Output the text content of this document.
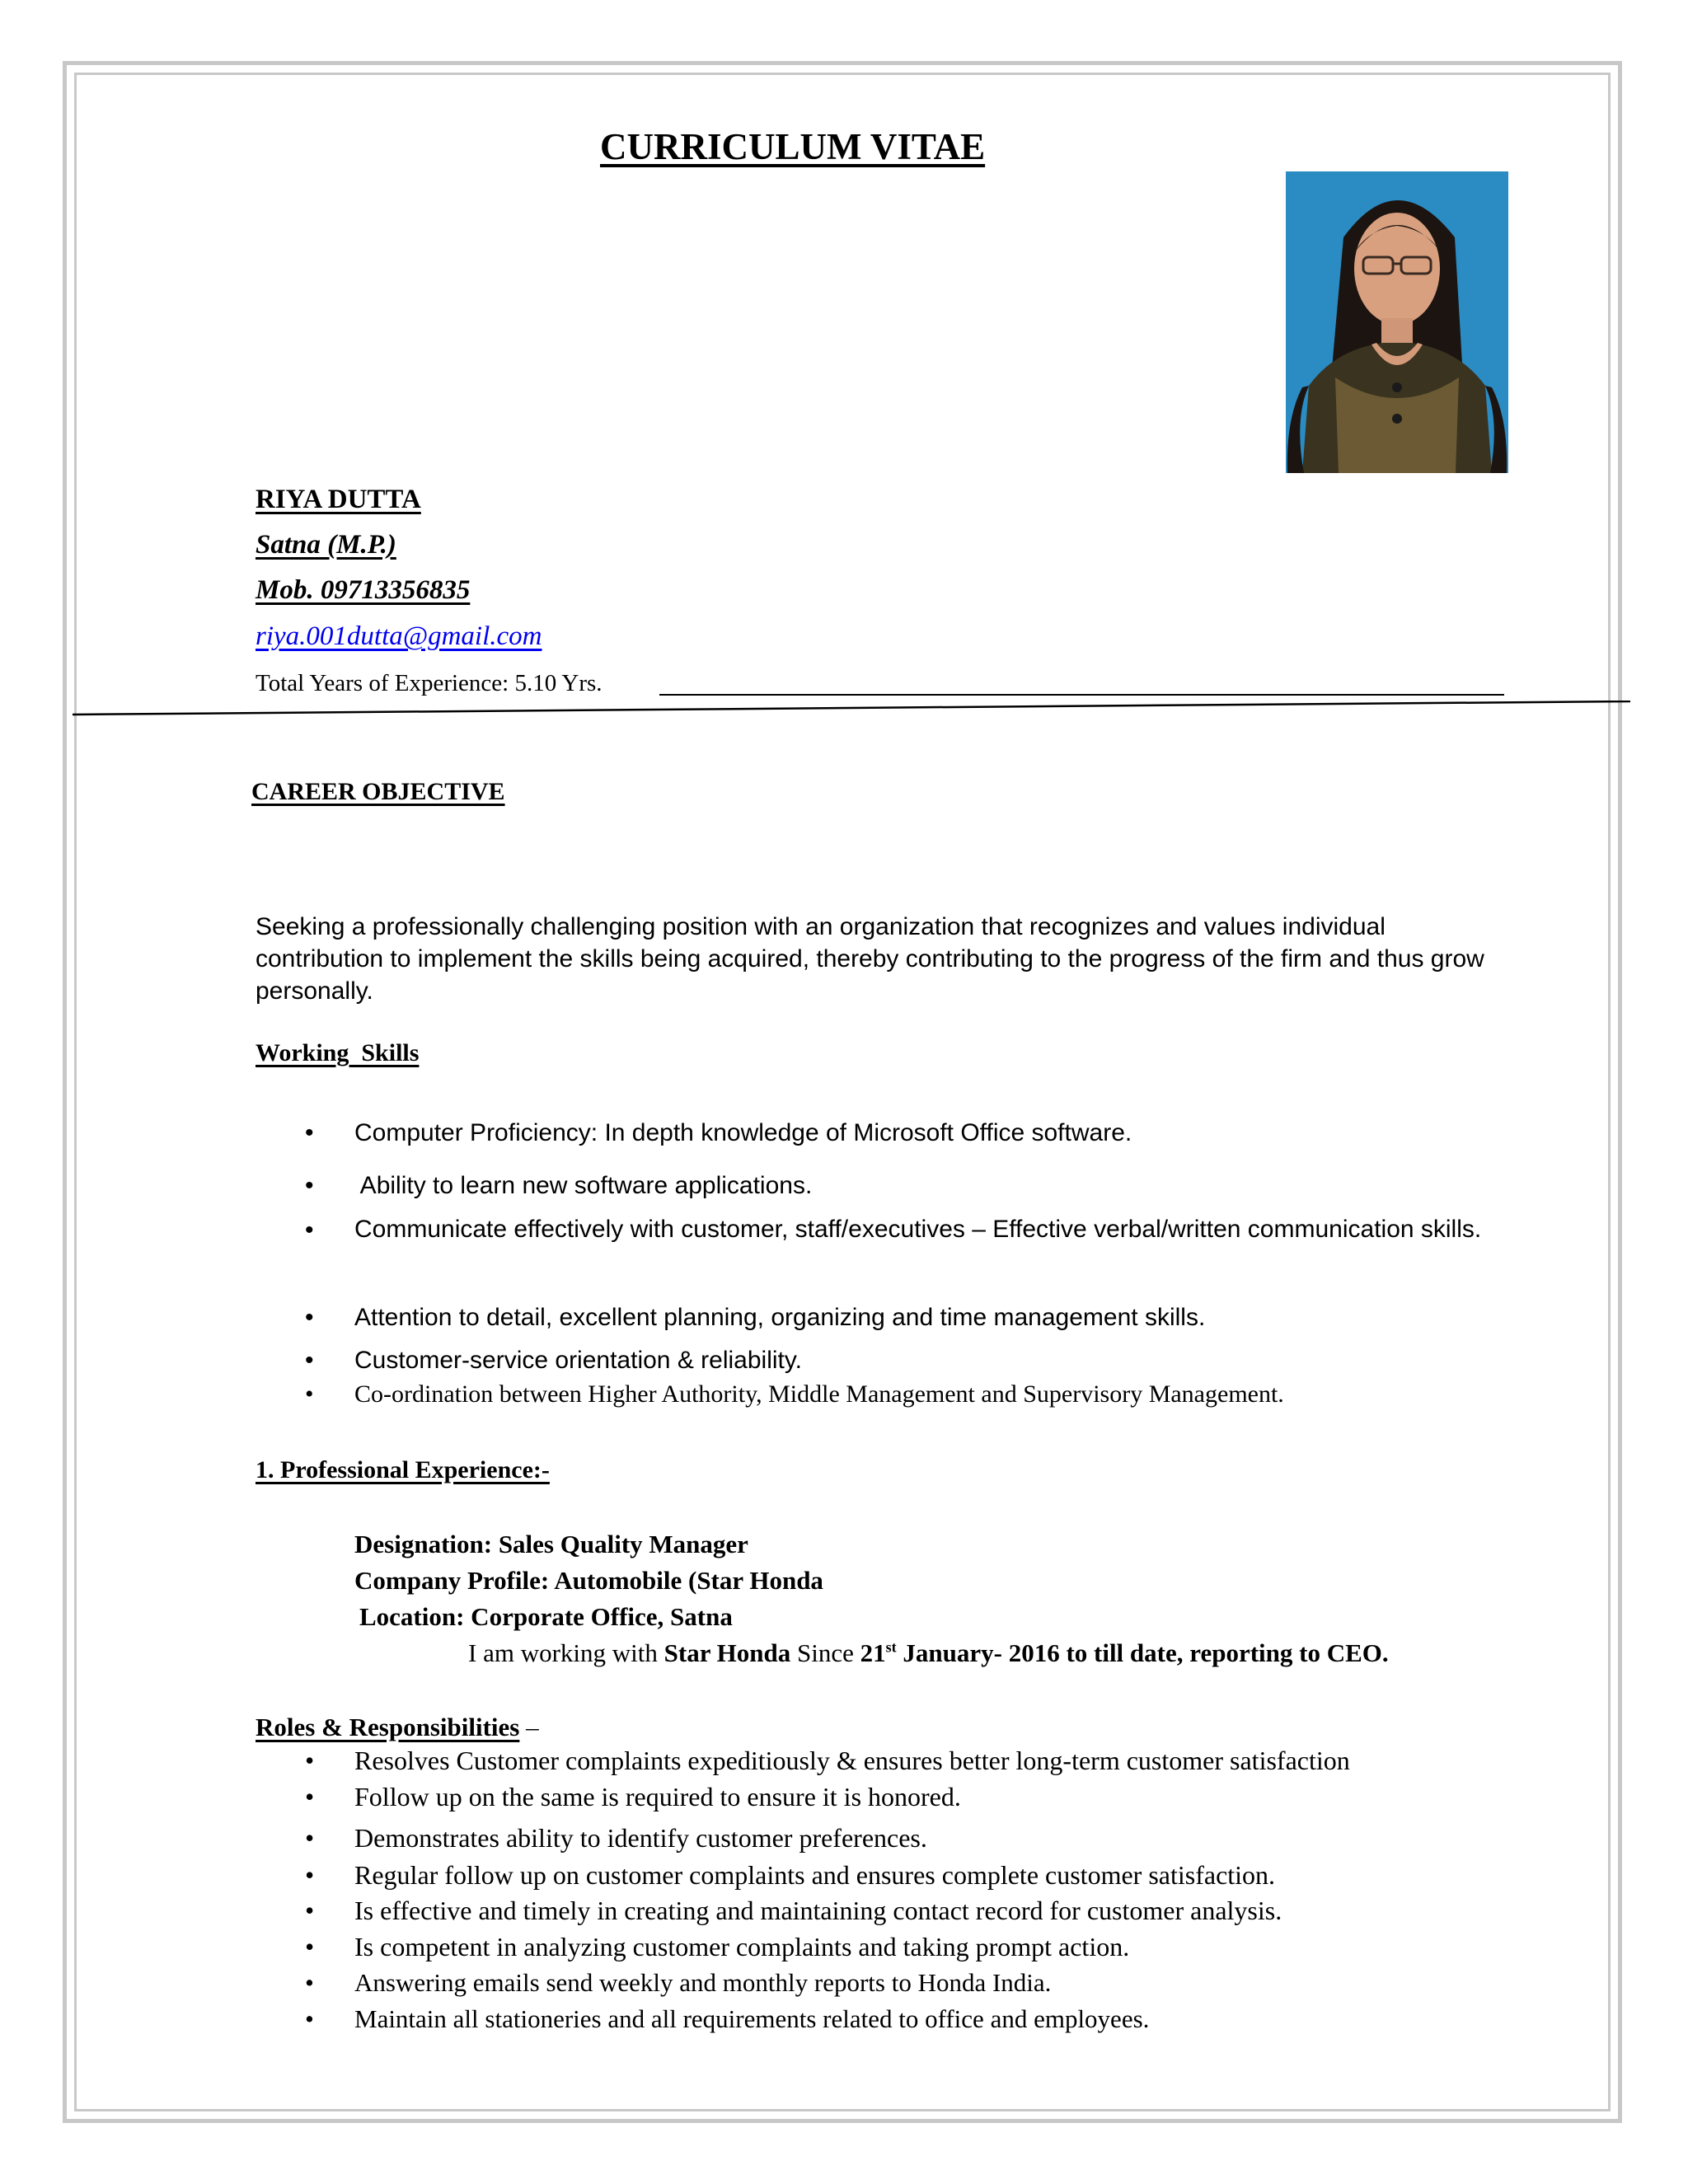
CURRICULUM VITAE
RIYA DUTTA
Satna (M.P.)
Mob. 09713356835
riya.001dutta@gmail.com
Total Years of Experience: 5.10 Yrs.
CAREER OBJECTIVE
Seeking a professionally challenging position with an organization that recognizes and values individual contribution to implement the skills being acquired, thereby contributing to the progress of the firm and thus grow personally.
Working  Skills
• Computer Proficiency: In depth knowledge of Microsoft Office software.
• Ability to learn new software applications.
• Communicate effectively with customer, staff/executives – Effective verbal/written communication skills.
• Attention to detail, excellent planning, organizing and time management skills.
• Customer-service orientation & reliability.
• Co-ordination between Higher Authority, Middle Management and Supervisory Management.
1. Professional Experience:-
Designation: Sales Quality Manager
Company Profile: Automobile (Star Honda
Location: Corporate Office, Satna
I am working with Star Honda Since 21st January- 2016 to till date, reporting to CEO.
Roles & Responsibilities –
• Resolves Customer complaints expeditiously & ensures better long-term customer satisfaction
• Follow up on the same is required to ensure it is honored.
• Demonstrates ability to identify customer preferences.
• Regular follow up on customer complaints and ensures complete customer satisfaction.
• Is effective and timely in creating and maintaining contact record for customer analysis.
• Is competent in analyzing customer complaints and taking prompt action.
• Answering emails send weekly and monthly reports to Honda India.
• Maintain all stationeries and all requirements related to office and employees.
